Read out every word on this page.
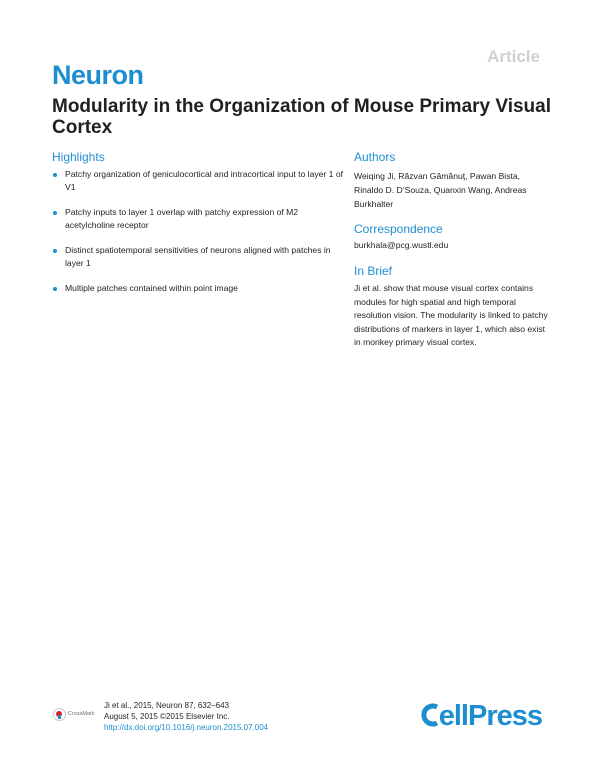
Article
Neuron
Modularity in the Organization of Mouse Primary Visual Cortex
Highlights
Patchy organization of geniculocortical and intracortical input to layer 1 of V1
Patchy inputs to layer 1 overlap with patchy expression of M2 acetylcholine receptor
Distinct spatiotemporal sensitivities of neurons aligned with patches in layer 1
Multiple patches contained within point image
Authors
Weiqing Ji, Răzvan Gămănuț, Pawan Bista, Rinaldo D. D’Souza, Quanxin Wang, Andreas Burkhalter
Correspondence
burkhala@pcg.wustl.edu
In Brief
Ji et al. show that mouse visual cortex contains modules for high spatial and high temporal resolution vision. The modularity is linked to patchy distributions of markers in layer 1, which also exist in monkey primary visual cortex.
CrossMark
Ji et al., 2015, Neuron 87, 632–643
August 5, 2015 ©2015 Elsevier Inc.
http://dx.doi.org/10.1016/j.neuron.2015.07.004	ellPress
